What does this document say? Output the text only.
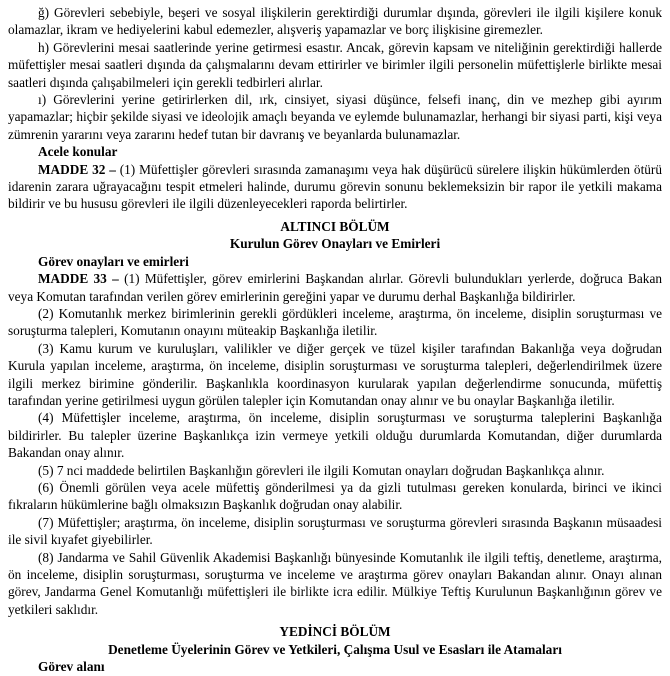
ğ) Görevleri sebebiyle, beşeri ve sosyal ilişkilerin gerektirdiği durumlar dışında, görevleri ile ilgili kişilere konuk olamazlar, ikram ve hediyelerini kabul edemezler, alışveriş yapamazlar ve borç ilişkisine giremezler.

h) Görevlerini mesai saatlerinde yerine getirmesi esastır. Ancak, görevin kapsam ve niteliğinin gerektirdiği hallerde müfettişler mesai saatleri dışında da çalışmalarını devam ettirirler ve birimler ilgili personelin müfettişlerle birlikte mesai saatleri dışında çalışabilmeleri için gerekli tedbirleri alırlar.

ı) Görevlerini yerine getirirlerken dil, ırk, cinsiyet, siyasi düşünce, felsefi inanç, din ve mezhep gibi ayırım yapamazlar; hiçbir şekilde siyasi ve ideolojik amaçlı beyanda ve eylemde bulunamazlar, herhangi bir siyasi parti, kişi veya zümrenin yararını veya zararını hedef tutan bir davranış ve beyanlarda bulunamazlar.

Acele konular

MADDE 32 – (1) Müfettişler görevleri sırasında zamanaşımı veya hak düşürücü sürelere ilişkin hükümlerden ötürü idarenin zarara uğrayacağını tespit etmeleri halinde, durumu görevin sonunu beklemeksizin bir rapor ile yetkili makama bildirir ve bu hususu görevleri ile ilgili düzenleyecekleri raporda belirtirler.

ALTINCI BÖLÜM

Kurulun Görev Onayları ve Emirleri

Görev onayları ve emirleri

MADDE 33 – (1) Müfettişler, görev emirlerini Başkandan alırlar. Görevli bulundukları yerlerde, doğruca Bakan veya Komutan tarafından verilen görev emirlerinin gereğini yapar ve durumu derhal Başkanlığa bildirirler.

(2) Komutanlık merkez birimlerinin gerekli gördükleri inceleme, araştırma, ön inceleme, disiplin soruşturması ve soruşturma talepleri, Komutanın onayını müteakip Başkanlığa iletilir.

(3) Kamu kurum ve kuruluşları, valilikler ve diğer gerçek ve tüzel kişiler tarafından Bakanlığa veya doğrudan Kurula yapılan inceleme, araştırma, ön inceleme, disiplin soruşturması ve soruşturma talepleri, değerlendirilmek üzere ilgili merkez birimine gönderilir. Başkanlıkla koordinasyon kurularak yapılan değerlendirme sonucunda, müfettiş tarafından yerine getirilmesi uygun görülen talepler için Komutandan onay alınır ve bu onaylar Başkanlığa iletilir.

(4) Müfettişler inceleme, araştırma, ön inceleme, disiplin soruşturması ve soruşturma taleplerini Başkanlığa bildirirler. Bu talepler üzerine Başkanlıkça izin vermeye yetkili olduğu durumlarda Komutandan, diğer durumlarda Bakandan onay alınır.

(5) 7 nci maddede belirtilen Başkanlığın görevleri ile ilgili Komutan onayları doğrudan Başkanlıkça alınır.

(6) Önemli görülen veya acele müfettiş gönderilmesi ya da gizli tutulması gereken konularda, birinci ve ikinci fıkraların hükümlerine bağlı olmaksızın Başkanlık doğrudan onay alabilir.

(7) Müfettişler; araştırma, ön inceleme, disiplin soruşturması ve soruşturma görevleri sırasında Başkanın müsaadesi ile sivil kıyafet giyebilirler.

(8) Jandarma ve Sahil Güvenlik Akademisi Başkanlığı bünyesinde Komutanlık ile ilgili teftiş, denetleme, araştırma, ön inceleme, disiplin soruşturması, soruşturma ve inceleme ve araştırma görev onayları Bakandan alınır. Onayı alınan görev, Jandarma Genel Komutanlığı müfettişleri ile birlikte icra edilir. Mülkiye Teftiş Kurulunun Başkanlığının görev ve yetkileri saklıdır.

YEDİNCİ BÖLÜM

Denetleme Üyelerinin Görev ve Yetkileri, Çalışma Usul ve Esasları ile Atamaları

Görev alanı
